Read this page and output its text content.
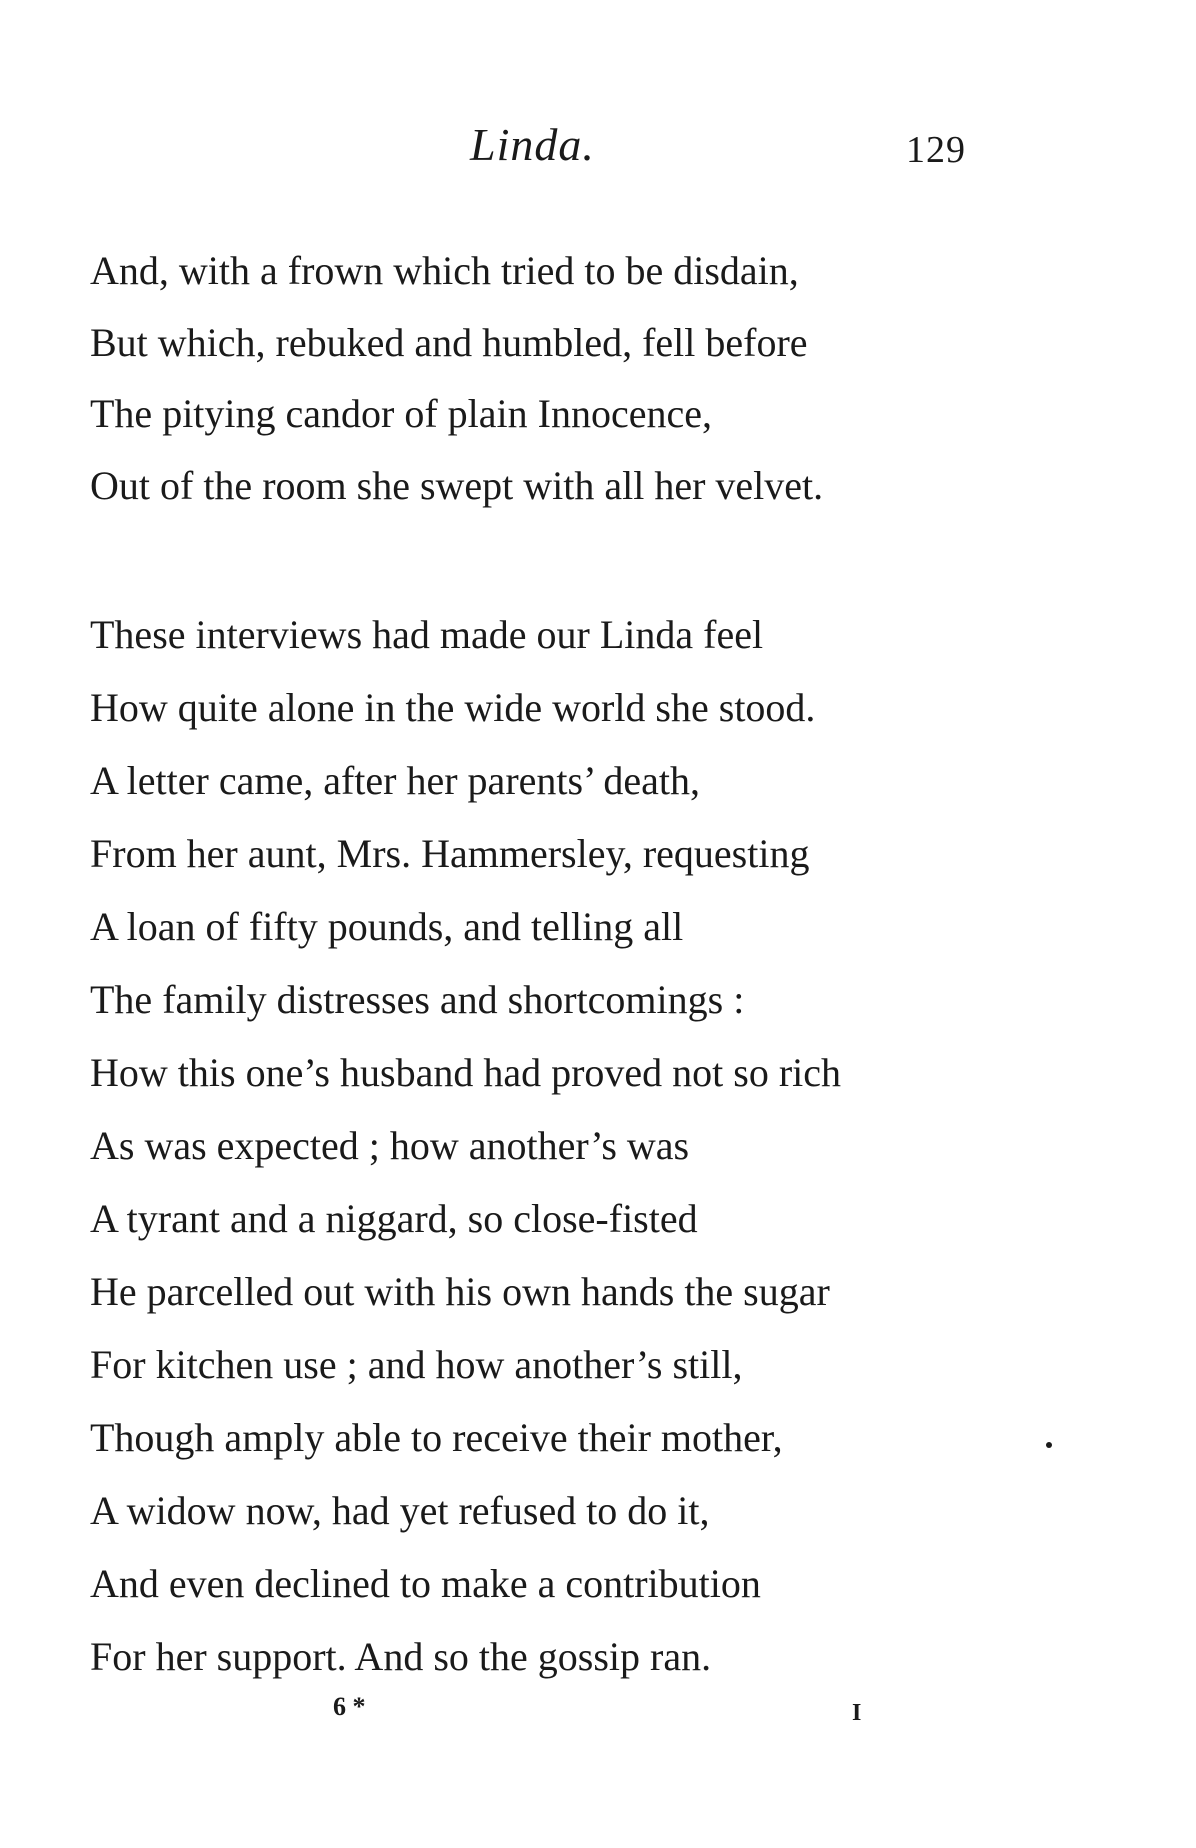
Linda.	129
And, with a frown which tried to be disdain,
But which, rebuked and humbled, fell before
The pitying candor of plain Innocence,
Out of the room she swept with all her velvet.
These interviews had made our Linda feel
How quite alone in the wide world she stood.
A letter came, after her parents’ death,
From her aunt, Mrs. Hammersley, requesting
A loan of fifty pounds, and telling all
The family distresses and shortcomings :
How this one’s husband had proved not so rich
As was expected ; how another’s was
A tyrant and a niggard, so close-fisted
He parcelled out with his own hands the sugar
For kitchen use ; and how another’s still,
Though amply able to receive their mother,
A widow now, had yet refused to do it,
And even declined to make a contribution
For her support. And so the gossip ran.
6 *	I
